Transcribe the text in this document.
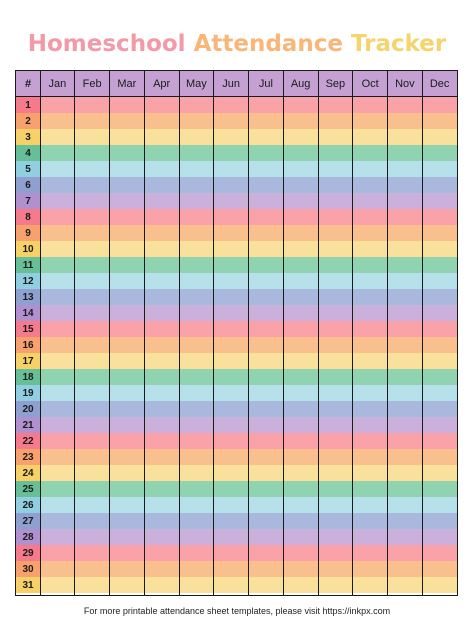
Homeschool Attendance Tracker
#	Jan	Feb	Mar	Apr	May	Jun	Jul	Aug	Sep	Oct	Nov	Dec
1
2
3
4
5
6
7
8
9
10
11
12
13
14
15
16
17
18
19
20
21
22
23
24
25
26
27
28
29
30
31
For more printable attendance sheet templates, please visit https://inkpx.com
